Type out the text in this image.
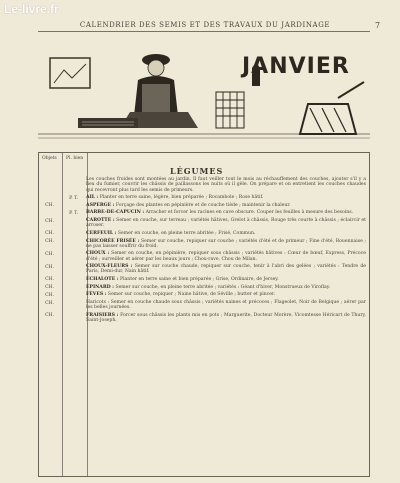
Le-livre.fr
CALENDRIER DES SEMIS ET DES TRAVAUX DU JARDINAGE	7
JANVIER
Objets Pl. bien
LÉGUMES
Les couches froides sont montées au jardin. Il faut veiller tout le mois au réchauffement des couches, ajouter s'il y a lieu du fumier, couvrir les châssis de paillassons les nuits où il gèle. On prépare et on entretient les couches chaudes qui recevront plus tard les semis de primeurs.
P. T.	AIL : Planter en terre saine, légère, bien préparée ; Rocambole ; Rose hâtif.
CH.	ASPERGE : Forçage des plantes en pépinière et de couche tiède ; maintenir la chaleur.
P. T.	BARBE-DE-CAPUCIN : Arracher et forcer les racines en cave obscure. Couper les feuilles à mesure des besoins.
CH.	CAROTTE : Semer en couche, sur terreau ; variétés hâtives, Grelot à châssis, Rouge très courte à châssis ; éclaircir et arroser.
CH.	CERFEUIL : Semer en couche, en pleine terre abritée ; Frisé, Commun.
CH.	CHICORÉE FRISÉE : Semer sur couche, repiquer sur couche ; variétés d'été et de primeur ; Fine d'été, Rouennaise ; ne pas laisser souffrir du froid.
CH.	CHOUX : Semer en couche, en pépinière, repiquer sous châssis ; variétés hâtives : Cœur de bœuf, Express, Précoce d'été ; surveiller et aérer par les beaux jours ; Chou-rave, Chou de Milan.
CH.	CHOUX-FLEURS : Semer sur couche chaude, repiquer sur couche, tenir à l'abri des gelées ; variétés : Tendre de Paris, Demi-dur, Nain hâtif.
CH.	ÉCHALOTE : Planter en terre saine et bien préparée ; Grise, Ordinaire, de Jersey.
CH.	ÉPINARD : Semer sur couche, en pleine terre abritée ; variétés : Géant d'hiver, Monstrueux de Viroflay.
CH.	FÈVES : Semer sur couche, repiquer ; Naine hâtive, de Séville ; butter et pincer.
CH.	Haricots : Semer en couche chaude sous châssis ; variétés naines et précoces ; Flageolet, Noir de Belgique ; aérer par les belles journées.
CH.	FRAISIERS : Forcer sous châssis les plants mis en pots ; Marguerite, Docteur Morère, Vicomtesse Héricart de Thury, Saint-Joseph.
